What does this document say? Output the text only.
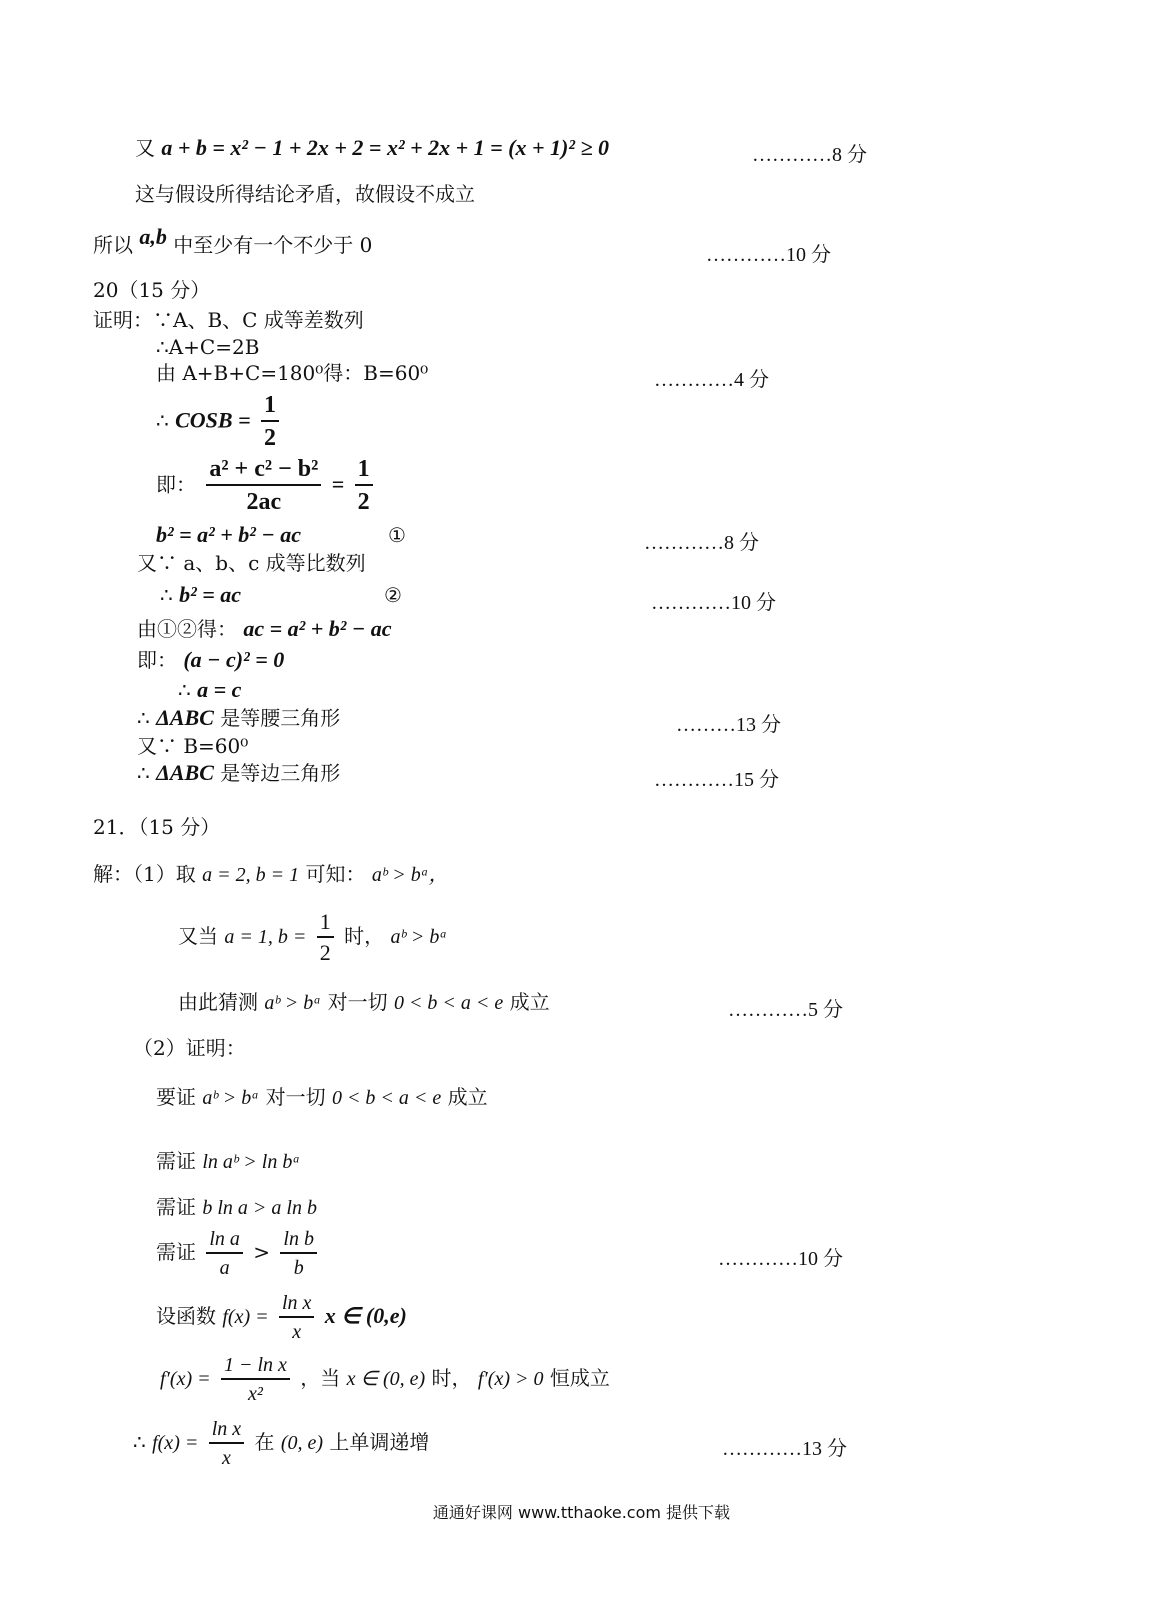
又 a + b = x² − 1 + 2x + 2 = x² + 2x + 1 = (x + 1)² ≥ 0	…………8 分
这与假设所得结论矛盾，故假设不成立
所以 a,b 中至少有一个不少于 0	…………10 分
20（15 分）
证明：∵A、B、C 成等差数列
∴A+C=2B
由 A+B+C=180⁰得：B=60⁰	…………4 分
∴ COSB = $\frac{1}{2}$
即： $\frac{\text{a² + c² − b²}}{2ac} = \frac{1}{2}$
b² = a² + b² − ac	①	…………8 分
又∵ a、b、c 成等比数列
∴ b² = ac	②	…………10 分
由①②得： ac = a² + b² − ac
即： (a − c)² = 0
∴ a = c
∴ ΔABC 是等腰三角形	………13 分
又∵ B=60⁰
∴ ΔABC 是等边三角形	…………15 分
21．（15 分）
解：（1）取 a = 2, b = 1 可知： aᵇ > bᵃ，
又当 a = 1, $b = \frac{1}{2}$ 时， aᵇ > bᵃ
由此猜测 aᵇ > bᵃ 对一切 0 < b < a < e 成立	…………5 分
（2）证明：
要证 aᵇ > bᵃ 对一切 0 < b < a < e 成立
需证 ln aᵇ > ln bᵃ
需证 b ln a > a ln b
需证 $\frac{\text{ln a}}{a} > \frac{\text{ln b}}{b}$	…………10 分
设函数 $f(x) = \frac{\text{ln x}}{x}$ x ∈ (0,e)
$f'(x) = \frac{\text{1 − ln x}}{\text{x²}}$ ，当 x ∈ (0, e) 时， f′(x) > 0 恒成立
∴ $f(x) = \frac{\text{ln x}}{x}$ 在 (0, e) 上单调递增	…………13 分
通通好课网 www.tthaoke.com 提供下载
